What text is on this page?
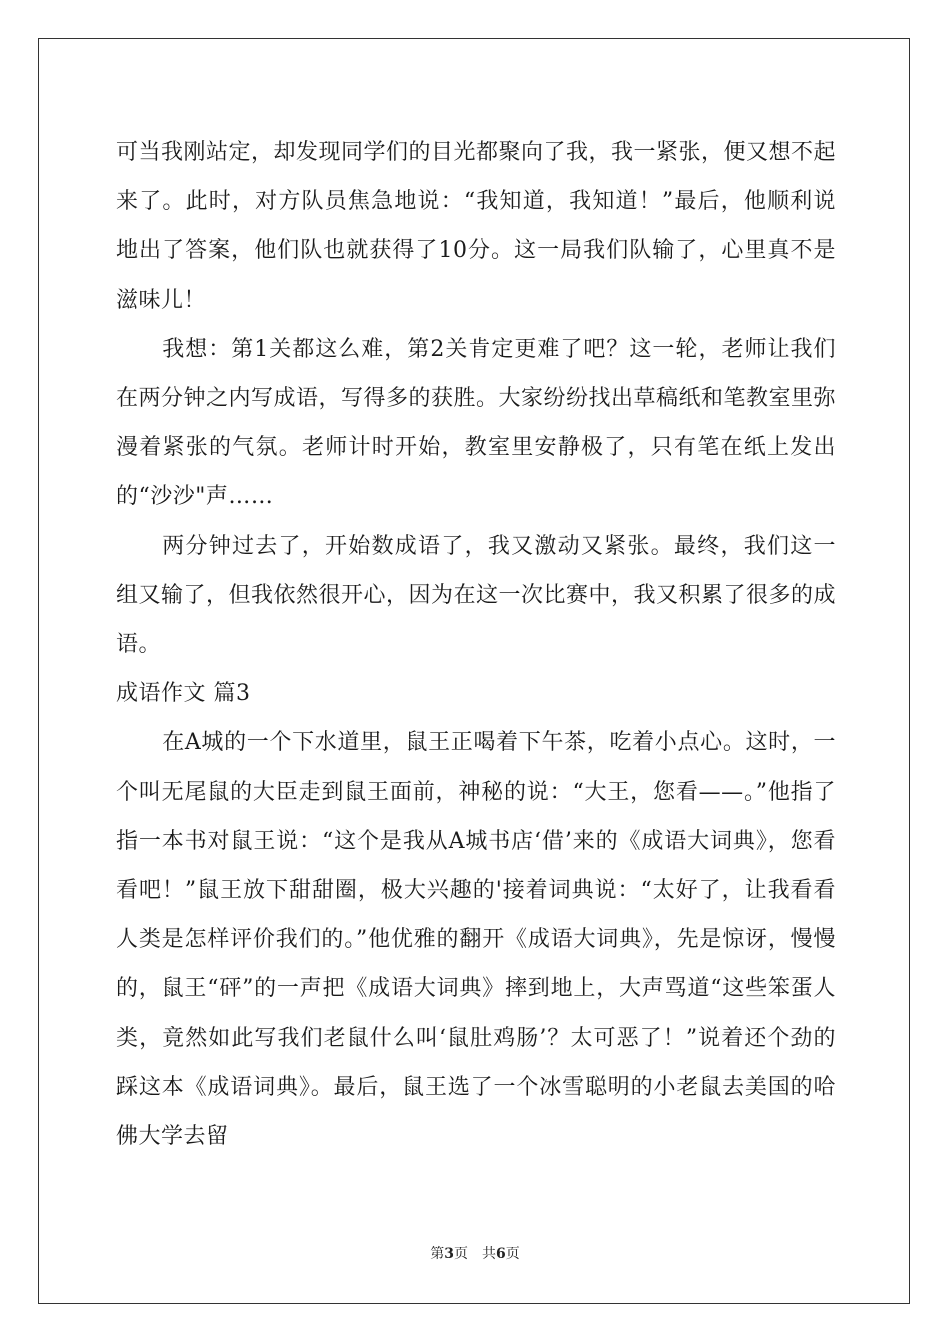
可当我刚站定，却发现同学们的目光都聚向了我，我一紧张，便又想不起来了。此时，对方队员焦急地说：“我知道，我知道！”最后，他顺利说地出了答案，他们队也就获得了10分。这一局我们队输了，心里真不是滋味儿！

我想：第1关都这么难，第2关肯定更难了吧？这一轮，老师让我们在两分钟之内写成语，写得多的获胜。大家纷纷找出草稿纸和笔教室里弥漫着紧张的气氛。老师计时开始，教室里安静极了，只有笔在纸上发出的“沙沙"声……

两分钟过去了，开始数成语了，我又激动又紧张。最终，我们这一组又输了，但我依然很开心，因为在这一次比赛中，我又积累了很多的成语。

成语作文 篇3

在A城的一个下水道里，鼠王正喝着下午茶，吃着小点心。这时，一个叫无尾鼠的大臣走到鼠王面前，神秘的说：“大王，您看——。”他指了指一本书对鼠王说：“这个是我从A城书店‘借’来的《成语大词典》，您看看吧！”鼠王放下甜甜圈，极大兴趣的'接着词典说：“太好了，让我看看人类是怎样评价我们的。”他优雅的翻开《成语大词典》，先是惊讶，慢慢的，鼠王“砰”的一声把《成语大词典》摔到地上，大声骂道“这些笨蛋人类，竟然如此写我们老鼠什么叫‘鼠肚鸡肠’？太可恶了！”说着还个劲的踩这本《成语词典》。最后，鼠王选了一个冰雪聪明的小老鼠去美国的哈佛大学去留

第3页 共6页
